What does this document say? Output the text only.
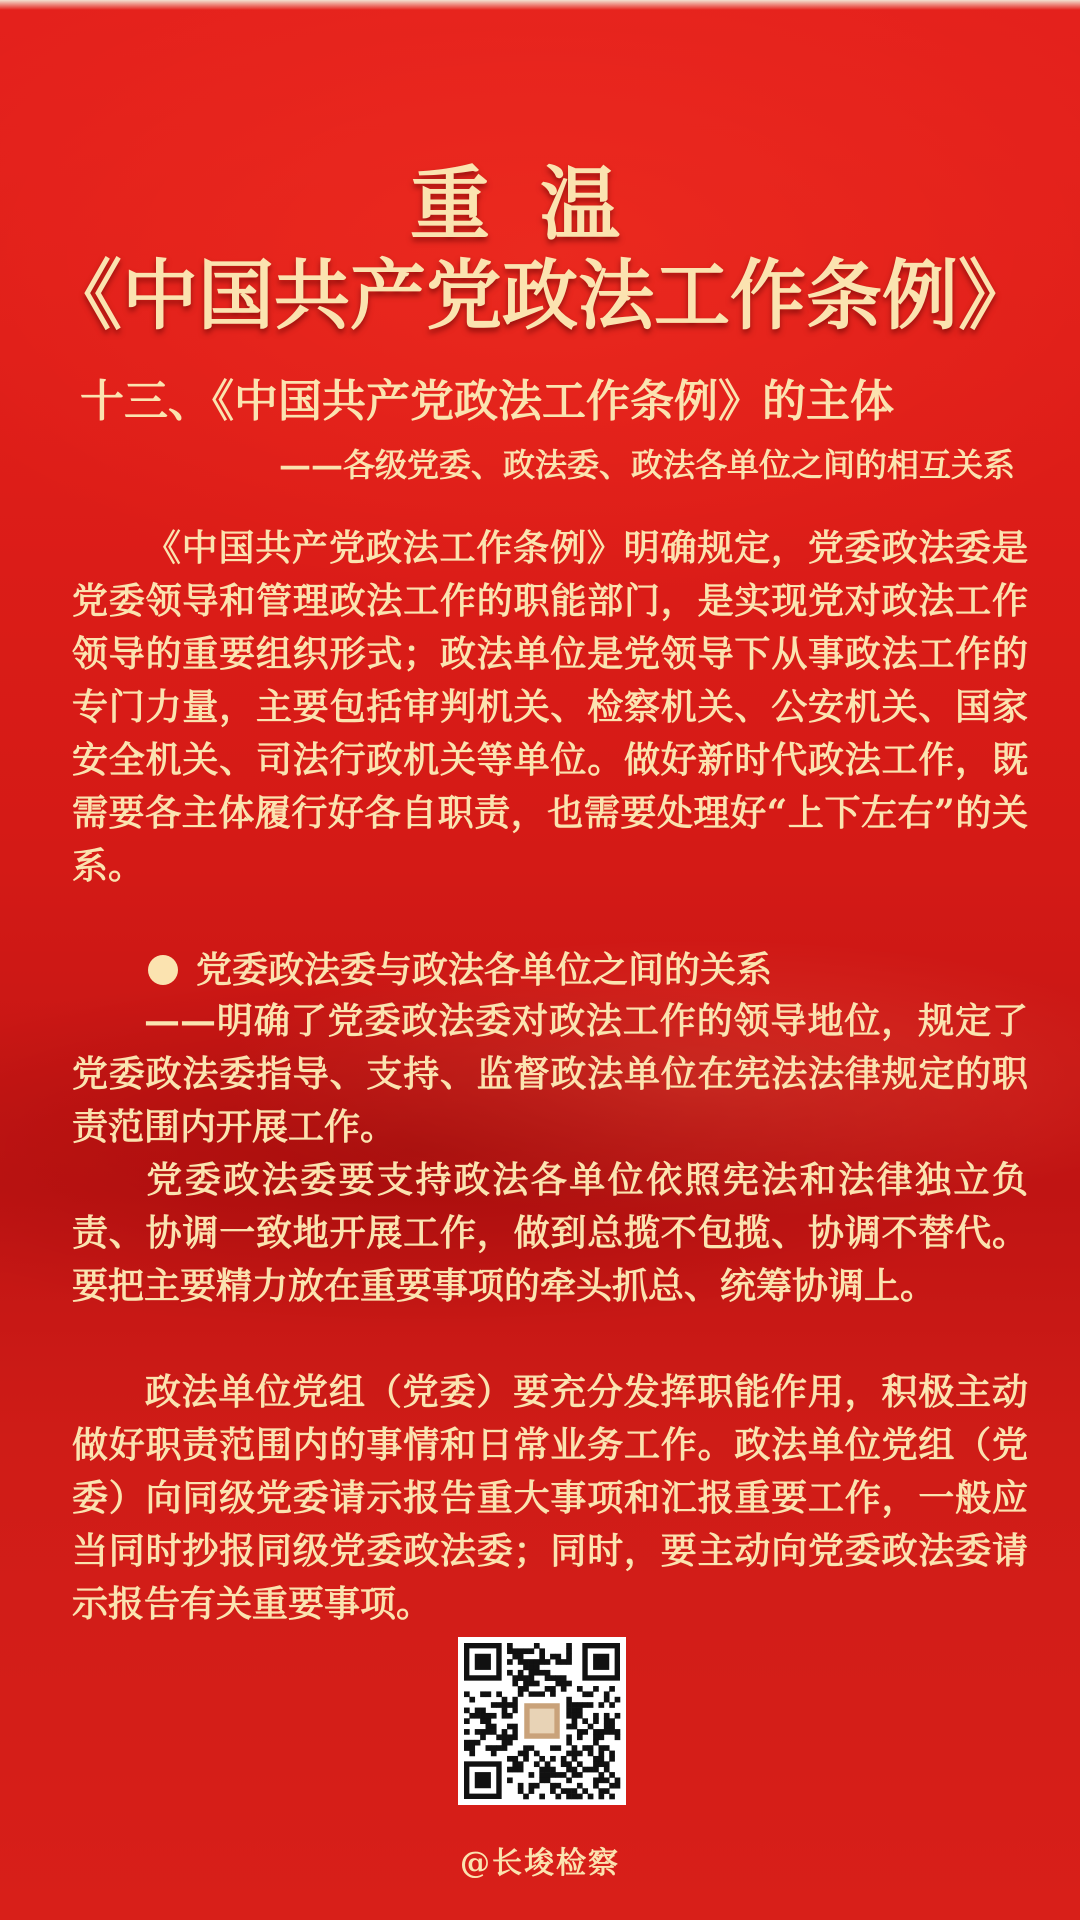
重温
《中国共产党政法工作条例》
十三、《中国共产党政法工作条例》的主体
——各级党委、政法委、政法各单位之间的相互关系
《中国共产党政法工作条例》明确规定，党委政法委是党委领导和管理政法工作的职能部门，是实现党对政法工作领导的重要组织形式；政法单位是党领导下从事政法工作的专门力量，主要包括审判机关、检察机关、公安机关、国家安全机关、司法行政机关等单位。做好新时代政法工作，既需要各主体履行好各自职责，也需要处理好“上下左右”的关系。
党委政法委与政法各单位之间的关系
——明确了党委政法委对政法工作的领导地位，规定了党委政法委指导、支持、监督政法单位在宪法法律规定的职责范围内开展工作。
党委政法委要支持政法各单位依照宪法和法律独立负责、协调一致地开展工作，做到总揽不包揽、协调不替代。要把主要精力放在重要事项的牵头抓总、统筹协调上。
政法单位党组（党委）要充分发挥职能作用，积极主动做好职责范围内的事情和日常业务工作。政法单位党组（党委）向同级党委请示报告重大事项和汇报重要工作，一般应当同时抄报同级党委政法委；同时，要主动向党委政法委请示报告有关重要事项。
@长埈检察
